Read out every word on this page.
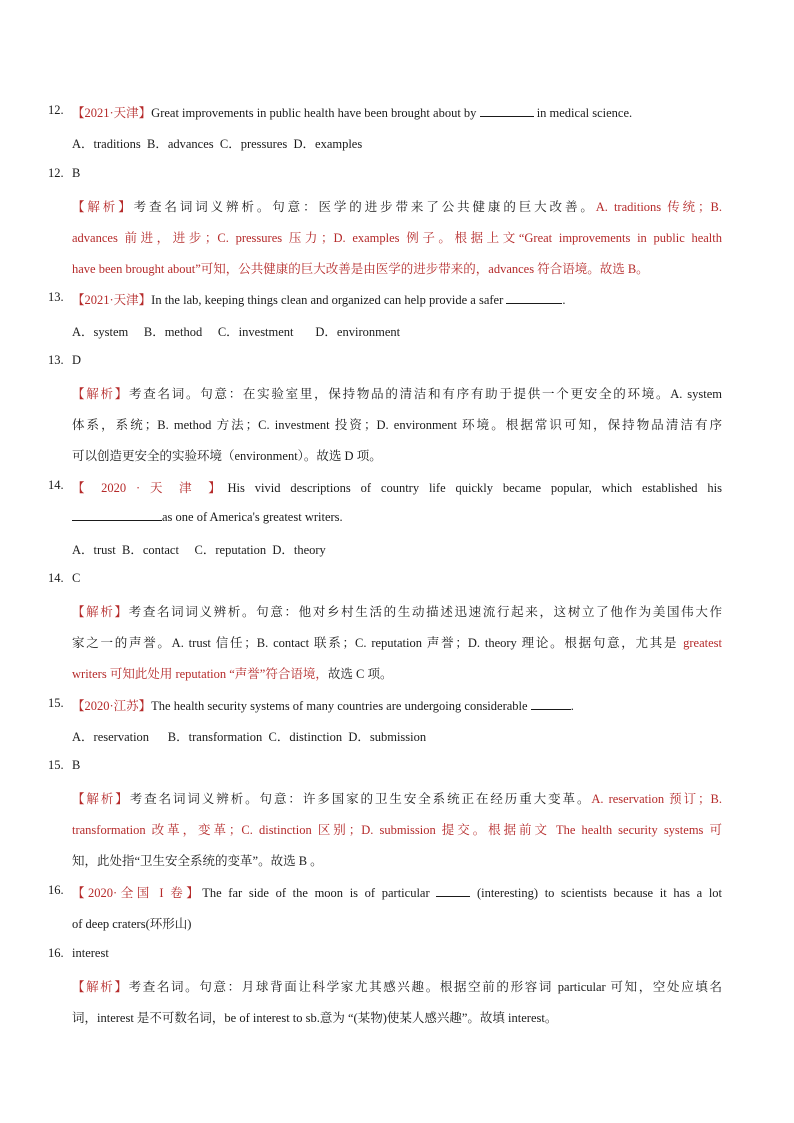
12. 【2021·天津】Great improvements in public health have been brought about by	in medical science.
A．traditions  B．advances  C．pressures  D．examples
12. B
【解析】考查名词词义辨析。句意：医学的进步带来了公共健康的巨大改善。A. traditions 传统；B.
advances 前进，进步；C. pressures 压力；D. examples 例子。根据上文“Great improvements in public health
have been brought about”可知，公共健康的巨大改善是由医学的进步带来的，advances 符合语境。故选 B。
13. 【2021·天津】In the lab, keeping things clean and organized can help provide a safer	.
A．system     B．method     C．investment       D．environment
13. D
【解析】考查名词。句意：在实验室里，保持物品的清洁和有序有助于提供一个更安全的环境。A. system
体系，系统；B. method 方法；C. investment 投资；D. environment 环境。根据常识可知，保持物品清洁有序
可以创造更安全的实验环境（environment）。故选 D 项。
14. 【 2020 · 天 津 】His vivid descriptions of country life quickly became popular, which established his
as one of America's greatest writers.
A．trust  B．contact     C．reputation  D．theory
14. C
【解析】考查名词词义辨析。句意：他对乡村生活的生动描述迅速流行起来，这树立了他作为美国伟大作
家之一的声誉。A. trust 信任；B. contact 联系；C. reputation 声誉；D. theory 理论。根据句意，尤其是 greatest
writers 可知此处用 reputation “声誉”符合语境，故选 C 项。
15. 【2020·江苏】The health security systems of many countries are undergoing considerable	.
A．reservation      B．transformation  C．distinction  D．submission
15. B
【解析】考查名词词义辨析。句意：许多国家的卫生安全系统正在经历重大变革。A. reservation 预订；B.
transformation 改革，变革；C. distinction 区别；D. submission 提交。根据前文 The health security systems 可
知，此处指“卫生安全系统的变革”。故选 B 。
16. 【2020·全国 I 卷】The far side of the moon is of particular	(interesting) to scientists because it has a lot
of deep craters(环形山)
16. interest
【解析】考查名词。句意：月球背面让科学家尤其感兴趣。根据空前的形容词 particular 可知，空处应填名
词，interest 是不可数名词，be of interest to sb.意为 “(某物)使某人感兴趣”。故填 interest。
